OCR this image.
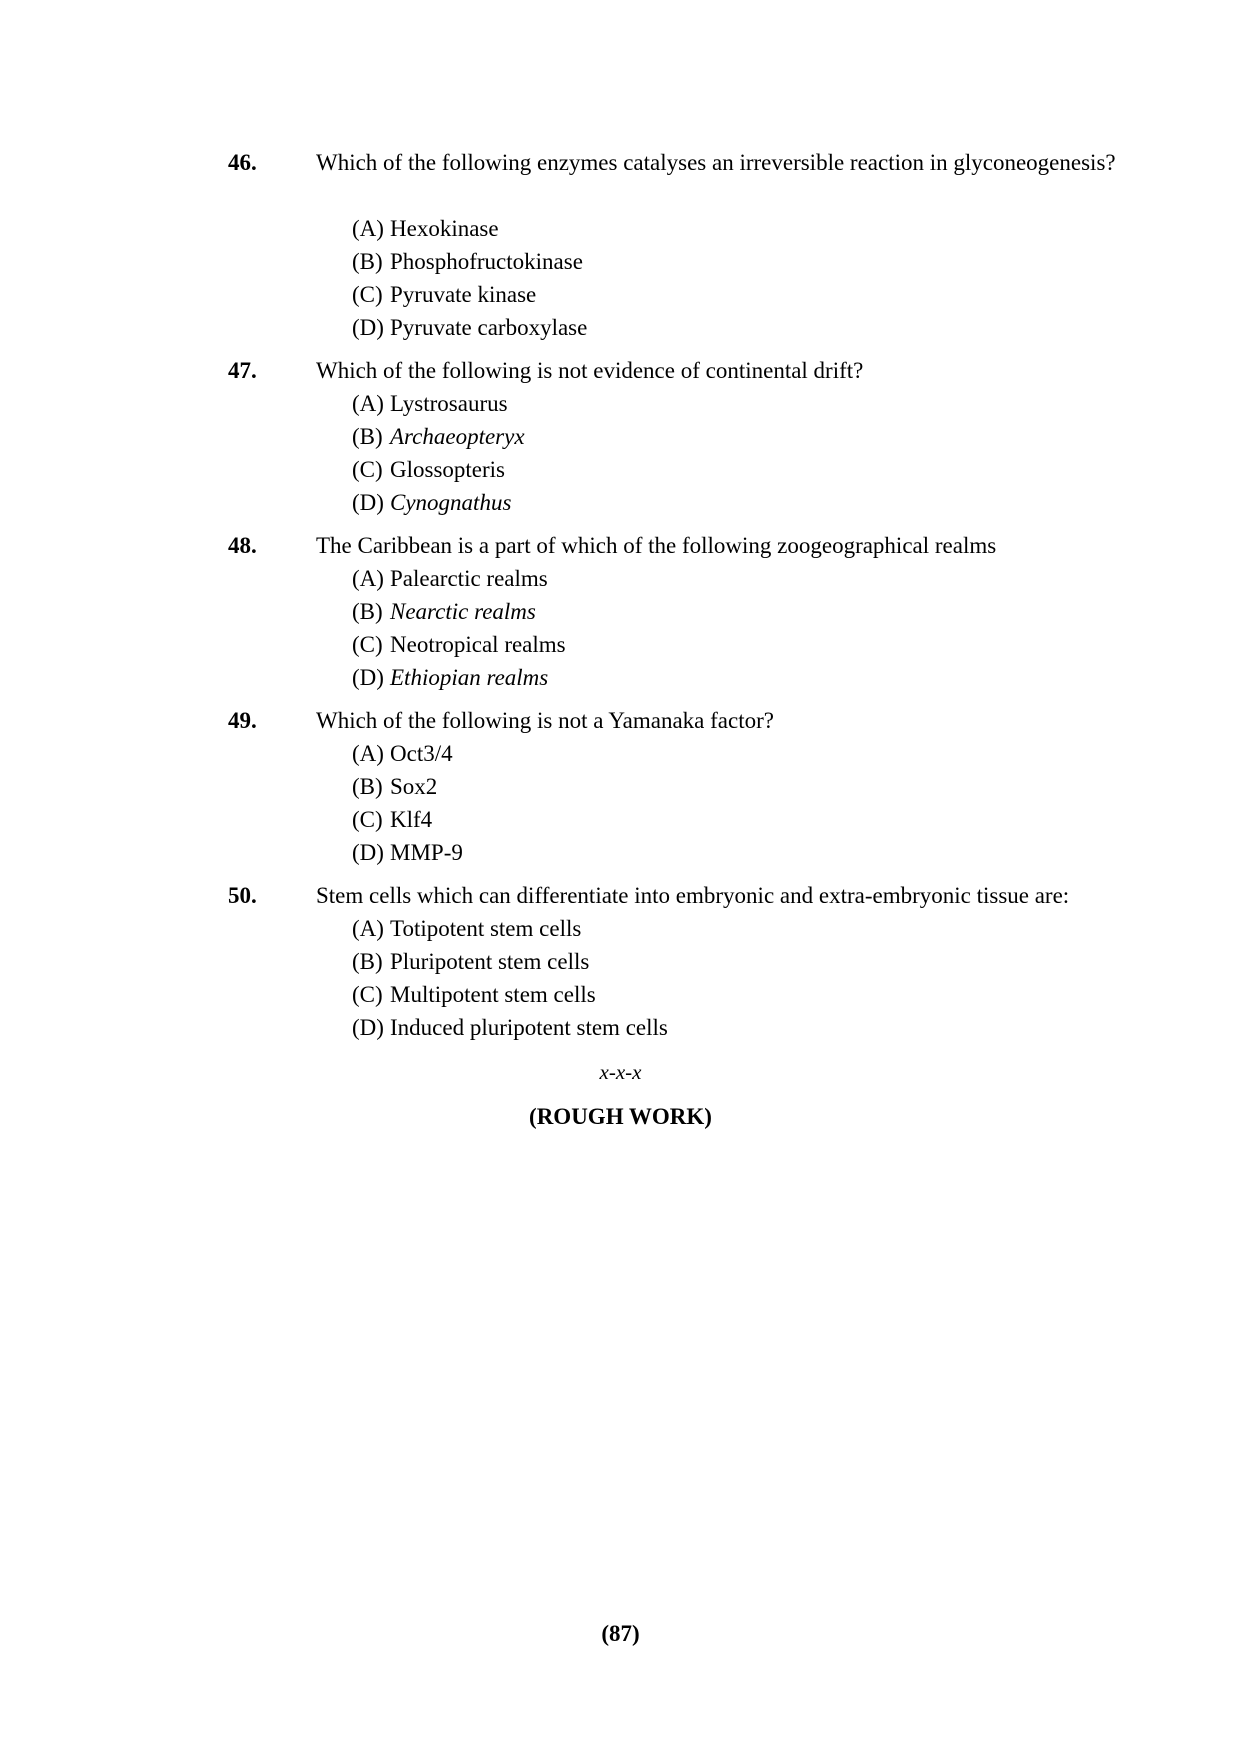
46.	Which of the following enzymes catalyses an irreversible reaction in glyconeogenesis?
(A) Hexokinase
(B) Phosphofructokinase
(C) Pyruvate kinase
(D) Pyruvate carboxylase
47.	Which of the following is not evidence of continental drift?
(A) Lystrosaurus
(B) Archaeopteryx
(C) Glossopteris
(D) Cynognathus
48.	The Caribbean is a part of which of the following zoogeographical realms
(A) Palearctic realms
(B) Nearctic realms
(C) Neotropical realms
(D) Ethiopian realms
49.	Which of the following is not a Yamanaka factor?
(A) Oct3/4
(B) Sox2
(C) Klf4
(D) MMP-9
50.	Stem cells which can differentiate into embryonic and extra-embryonic tissue are:
(A) Totipotent stem cells
(B) Pluripotent stem cells
(C) Multipotent stem cells
(D) Induced pluripotent stem cells
x-x-x
(ROUGH WORK)
(87)
